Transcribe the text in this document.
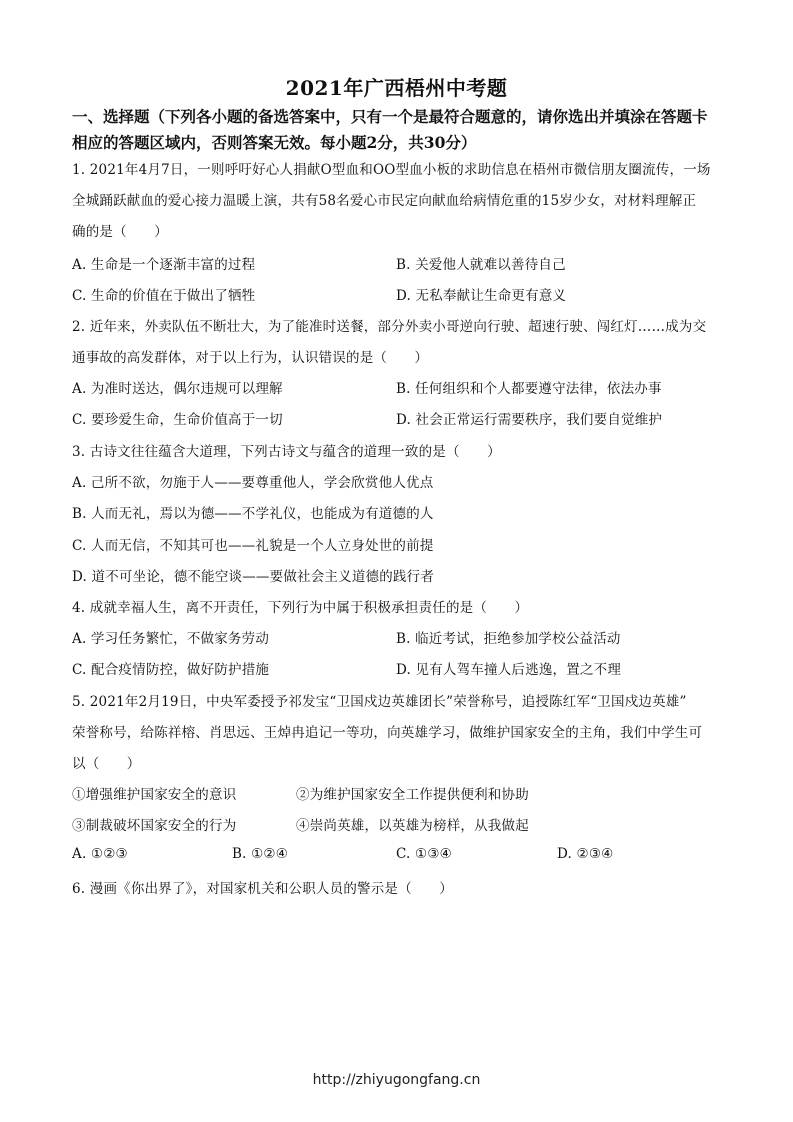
2021年广西梧州中考题
一、选择题（下列各小题的备选答案中，只有一个是最符合题意的，请你选出并填涂在答题卡相应的答题区域内，否则答案无效。每小题2分，共30分）
1. 2021年4月7日，一则呼吁好心人捐献O型血和OO型血小板的求助信息在梧州市微信朋友圈流传，一场
全城踊跃献血的爱心接力温暖上演，共有58名爱心市民定向献血给病情危重的15岁少女，对材料理解正
确的是（　　）
A. 生命是一个逐渐丰富的过程	B. 关爱他人就难以善待自己
C. 生命的价值在于做出了牺牲	D. 无私奉献让生命更有意义
2. 近年来，外卖队伍不断壮大，为了能准时送餐，部分外卖小哥逆向行驶、超速行驶、闯红灯……成为交
通事故的高发群体，对于以上行为，认识错误的是（　　）
A. 为准时送达，偶尔违规可以理解	B. 任何组织和个人都要遵守法律，依法办事
C. 要珍爱生命，生命价值高于一切	D. 社会正常运行需要秩序，我们要自觉维护
3. 古诗文往往蕴含大道理，下列古诗文与蕴含的道理一致的是（　　）
A. 己所不欲，勿施于人——要尊重他人，学会欣赏他人优点
B. 人而无礼，焉以为德——不学礼仪，也能成为有道德的人
C. 人而无信，不知其可也——礼貌是一个人立身处世的前提
D. 道不可坐论，德不能空谈——要做社会主义道德的践行者
4. 成就幸福人生，离不开责任，下列行为中属于积极承担责任的是（　　）
A. 学习任务繁忙，不做家务劳动	B. 临近考试，拒绝参加学校公益活动
C. 配合疫情防控，做好防护措施	D. 见有人驾车撞人后逃逸，置之不理
5. 2021年2月19日，中央军委授予祁发宝“卫国戍边英雄团长”荣誉称号，追授陈红军“卫国戍边英雄”
荣誉称号，给陈祥榕、肖思远、王焯冉追记一等功，向英雄学习，做维护国家安全的主角，我们中学生可
以（　　）
①增强维护国家安全的意识	②为维护国家安全工作提供便利和协助
③制裁破坏国家安全的行为	④崇尚英雄，以英雄为榜样，从我做起
A. ①②③	B. ①②④	C. ①③④	D. ②③④
6. 漫画《你出界了》，对国家机关和公职人员的警示是（　　）
http://zhiyugongfang.cn
